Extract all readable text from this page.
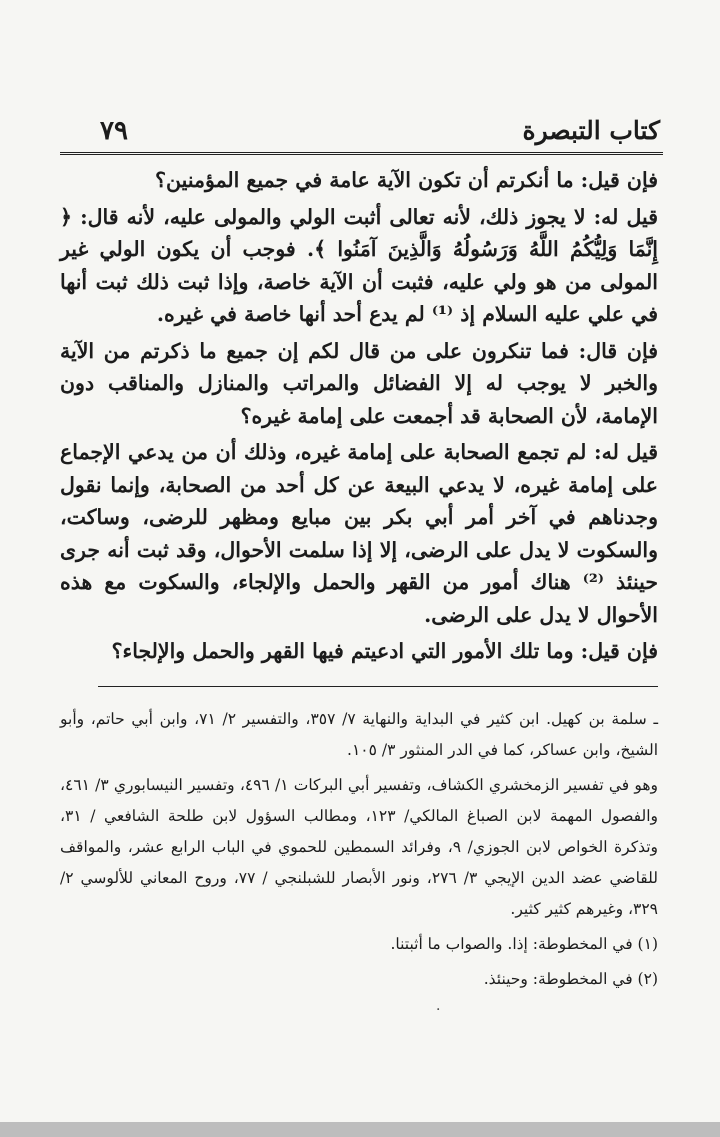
كتاب التبصرة
٧٩

فإن قيل: ما أنكرتم أن تكون الآية عامة في جميع المؤمنين؟

قيل له: لا يجوز ذلك، لأنه تعالى أثبت الولي والمولى عليه، لأنه قال: ﴿ إِنَّمَا وَلِيُّكُمُ اللَّهُ وَرَسُولُهُ وَالَّذِينَ آمَنُوا ﴾. فوجب أن يكون الولي غير المولى من هو ولي عليه، فثبت أن الآية خاصة، وإذا ثبت ذلك ثبت أنها في علي عليه السلام إذ ⁽¹⁾ لم يدع أحد أنها خاصة في غيره.

فإن قال: فما تنكرون على من قال لكم إن جميع ما ذكرتم من الآية والخبر لا يوجب له إلا الفضائل والمراتب والمنازل والمناقب دون الإمامة، لأن الصحابة قد أجمعت على إمامة غيره؟

قيل له: لم تجمع الصحابة على إمامة غيره، وذلك أن من يدعي الإجماع على إمامة غيره، لا يدعي البيعة عن كل أحد من الصحابة، وإنما نقول وجدناهم في آخر أمر أبي بكر بين مبايع ومظهر للرضى، وساكت، والسكوت لا يدل على الرضى، إلا إذا سلمت الأحوال، وقد ثبت أنه جرى حينئذ ⁽²⁾ هناك أمور من القهر والحمل والإلجاء، والسكوت مع هذه الأحوال لا يدل على الرضى.

فإن قيل: وما تلك الأمور التي ادعيتم فيها القهر والحمل والإلجاء؟

ـ سلمة بن كهيل. ابن كثير في البداية والنهاية ٧/ ٣٥٧، والتفسير ٢/ ٧١، وابن أبي حاتم، وأبو الشيخ، وابن عساكر، كما في الدر المنثور ٣/ ١٠٥.

وهو في تفسير الزمخشري الكشاف، وتفسير أبي البركات ١/ ٤٩٦، وتفسير النيسابوري ٣/ ٤٦١، والفصول المهمة لابن الصباغ المالكي/ ١٢٣، ومطالب السؤول لابن طلحة الشافعي / ٣١، وتذكرة الخواص لابن الجوزي/ ٩، وفرائد السمطين للحموي في الباب الرابع عشر، والمواقف للقاضي عضد الدين الإيجي ٣/ ٢٧٦، ونور الأبصار للشبلنجي / ٧٧، وروح المعاني للألوسي ٢/ ٣٢٩، وغيرهم كثير كثير.

(١) في المخطوطة: إذا. والصواب ما أثبتنا.

(٢) في المخطوطة: وحينئذ.

·
